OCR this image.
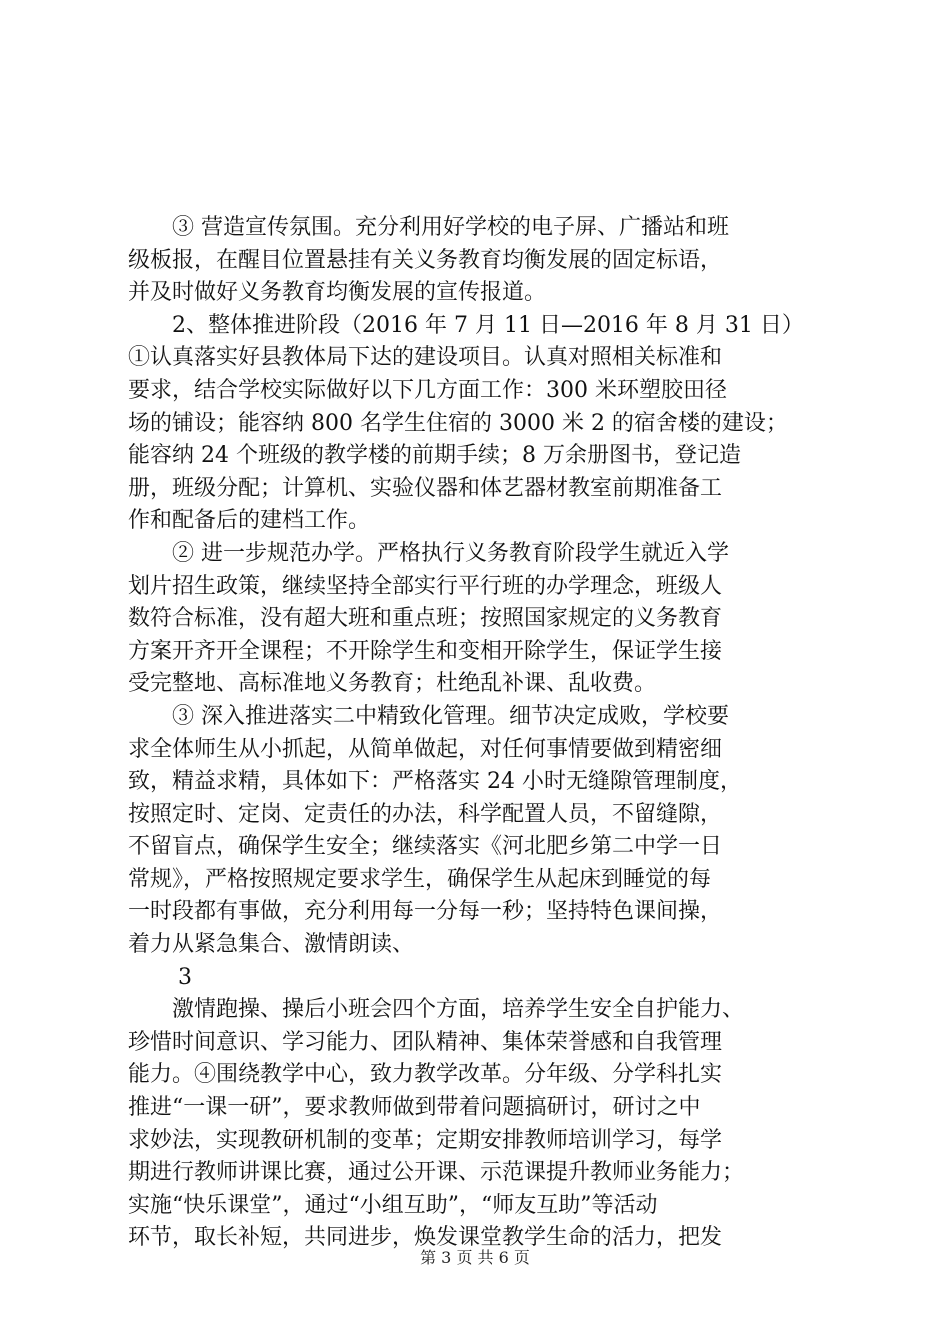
③ 营造宣传氛围。充分利用好学校的电子屏、广播站和班
级板报，在醒目位置悬挂有关义务教育均衡发展的固定标语，
并及时做好义务教育均衡发展的宣传报道。
2、整体推进阶段（2016 年 7 月 11 日—2016 年 8 月 31 日）
①认真落实好县教体局下达的建设项目。认真对照相关标准和
要求，结合学校实际做好以下几方面工作：300 米环塑胶田径
场的铺设；能容纳 800 名学生住宿的 3000 米 2 的宿舍楼的建设；
能容纳 24 个班级的教学楼的前期手续；8 万余册图书，登记造
册，班级分配；计算机、实验仪器和体艺器材教室前期准备工
作和配备后的建档工作。
② 进一步规范办学。严格执行义务教育阶段学生就近入学
划片招生政策，继续坚持全部实行平行班的办学理念，班级人
数符合标准，没有超大班和重点班；按照国家规定的义务教育
方案开齐开全课程；不开除学生和变相开除学生，保证学生接
受完整地、高标准地义务教育；杜绝乱补课、乱收费。
③ 深入推进落实二中精致化管理。细节决定成败，学校要
求全体师生从小抓起，从简单做起，对任何事情要做到精密细
致，精益求精，具体如下：严格落实 24 小时无缝隙管理制度，
按照定时、定岗、定责任的办法，科学配置人员，不留缝隙，
不留盲点，确保学生安全；继续落实《河北肥乡第二中学一日
常规》，严格按照规定要求学生，确保学生从起床到睡觉的每
一时段都有事做，充分利用每一分每一秒；坚持特色课间操，
着力从紧急集合、激情朗读、
3
激情跑操、操后小班会四个方面，培养学生安全自护能力、
珍惜时间意识、学习能力、团队精神、集体荣誉感和自我管理
能力。④围绕教学中心，致力教学改革。分年级、分学科扎实
推进“一课一研”，要求教师做到带着问题搞研讨，研讨之中
求妙法，实现教研机制的变革；定期安排教师培训学习，每学
期进行教师讲课比赛，通过公开课、示范课提升教师业务能力；
实施“快乐课堂”，通过“小组互助”，“师友互助”等活动
环节，取长补短，共同进步，焕发课堂教学生命的活力，把发
第 3 页 共 6 页
